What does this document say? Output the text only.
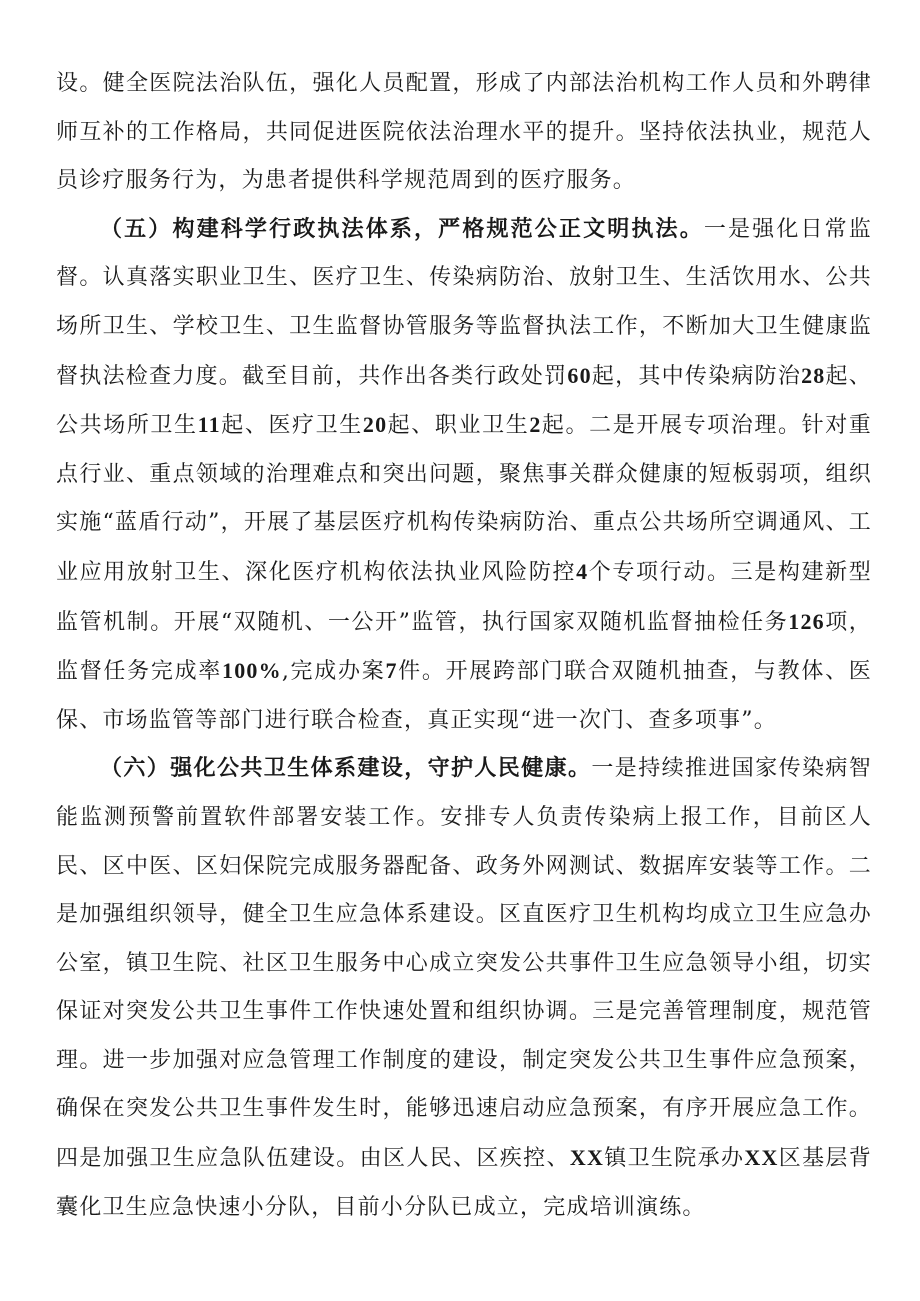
设。健全医院法治队伍，强化人员配置，形成了内部法治机构工作人员和外聘律师互补的工作格局，共同促进医院依法治理水平的提升。坚持依法执业，规范人员诊疗服务行为，为患者提供科学规范周到的医疗服务。

（五）构建科学行政执法体系，严格规范公正文明执法。一是强化日常监督。认真落实职业卫生、医疗卫生、传染病防治、放射卫生、生活饮用水、公共场所卫生、学校卫生、卫生监督协管服务等监督执法工作，不断加大卫生健康监督执法检查力度。截至目前，共作出各类行政处罚60起，其中传染病防治28起、公共场所卫生11起、医疗卫生20起、职业卫生2起。二是开展专项治理。针对重点行业、重点领域的治理难点和突出问题，聚焦事关群众健康的短板弱项，组织实施“蓝盾行动”，开展了基层医疗机构传染病防治、重点公共场所空调通风、工业应用放射卫生、深化医疗机构依法执业风险防控4个专项行动。三是构建新型监管机制。开展“双随机、一公开”监管，执行国家双随机监督抽检任务126项，监督任务完成率100%,完成办案7件。开展跨部门联合双随机抽查，与教体、医保、市场监管等部门进行联合检查，真正实现“进一次门、查多项事”。

（六）强化公共卫生体系建设，守护人民健康。一是持续推进国家传染病智能监测预警前置软件部署安装工作。安排专人负责传染病上报工作，目前区人民、区中医、区妇保院完成服务器配备、政务外网测试、数据库安装等工作。二是加强组织领导，健全卫生应急体系建设。区直医疗卫生机构均成立卫生应急办公室，镇卫生院、社区卫生服务中心成立突发公共事件卫生应急领导小组，切实保证对突发公共卫生事件工作快速处置和组织协调。三是完善管理制度，规范管理。进一步加强对应急管理工作制度的建设，制定突发公共卫生事件应急预案，确保在突发公共卫生事件发生时，能够迅速启动应急预案，有序开展应急工作。四是加强卫生应急队伍建设。由区人民、区疾控、XX镇卫生院承办XX区基层背囊化卫生应急快速小分队，目前小分队已成立，完成培训演练。
